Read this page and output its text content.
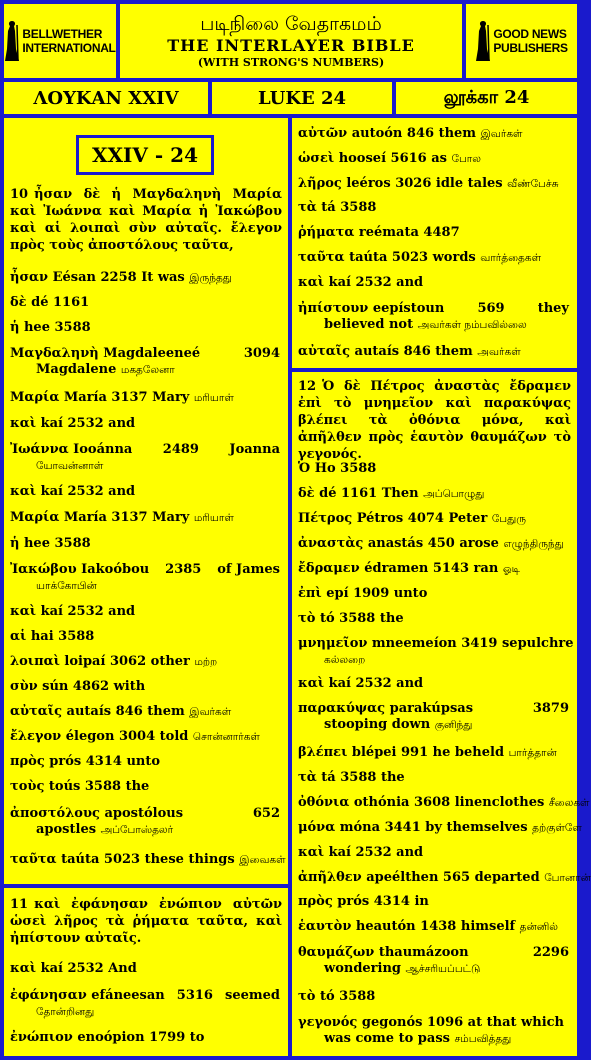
BELLWETHER
INTERNATIONAL
படிநிலை வேதாகமம்
THE INTERLAYER BIBLE
(WITH STRONG'S NUMBERS)
GOOD NEWS
PUBLISHERS
ΛΟΥΚΑΝ XXIV	LUKE 24	லூக்கா 24
XXIV - 24
10 ἦσαν δὲ ἡ Μαγδαληνὴ Μαρία καὶ Ἰωάννα καὶ Μαρία ἡ Ἰακώβου καὶ αἱ λοιπαὶ σὺν αὐταῖς. ἔλεγον πρὸς τοὺς ἀποστόλους ταῦτα,
ἦσαν Eésan 2258 It was இருந்தது
δὲ dé 1161
ἡ hee 3588
Μαγδαληνὴ Magdaleeneé	3094
Magdalene மகதலேனா
Μαρία María 3137 Mary மரியாள்
καὶ kaí 2532 and
Ἰωάννα Iooánna 2489 Joanna
யோவன்னாள்
καὶ kaí 2532 and
Μαρία María 3137 Mary மரியாள்
ἡ hee 3588
Ἰακώβου Iakoóbou 2385 of James
யாக்கோபின்
καὶ kaí 2532 and
αἱ hai 3588
λοιπαὶ loipaí 3062 other மற்ற
σὺν sún 4862 with
αὐταῖς autaís 846 them இவர்கள்
ἔλεγον élegon 3004 told சொன்னார்கள்
πρὸς prós 4314 unto
τοὺς toús 3588 the
ἀποστόλους apostólous	652
apostles அப்போஸ்தலர்
ταῦτα taúta 5023 these things இவைகள்
11 καὶ ἐφάνησαν ἐνώπιον αὐτῶν ὡσεὶ λῆρος τὰ ῥήματα ταῦτα, καὶ ἠπίστουν αὐταῖς.
καὶ kaí 2532 And
ἐφάνησαν efáneesan 5316 seemed
தோன்றினது
ἐνώπιον enoópion 1799 to
αὐτῶν autoón 846 them இவர்கள்
ὡσεὶ hooseí 5616 as போல
λῆρος leéros 3026 idle tales வீண்பேச்சு
τὰ tá 3588
ῥήματα reémata 4487
ταῦτα taúta 5023 words வார்த்தைகள்
καὶ kaí 2532 and
ἠπίστουν eepístoun	569	they
believed not அவர்கள் நம்பவில்லை
αὐταῖς autaís 846 them அவர்கள்
12 Ὁ δὲ Πέτρος ἀναστὰς ἔδραμεν ἐπὶ τὸ μνημεῖον καὶ παρακύψας βλέπει τὰ ὀθόνια μόνα, καὶ ἀπῆλθεν πρὸς ἑαυτὸν θαυμάζων τὸ γεγονός.
Ὁ Ho 3588
δὲ dé 1161 Then அப்பொழுது
Πέτρος Pétros 4074 Peter பேதுரு
ἀναστὰς anastás 450 arose எழுந்திருந்து
ἔδραμεν édramen 5143 ran ஓடி
ἐπὶ epí 1909 unto
τὸ tó 3588 the
μνημεῖον mneemeíon 3419 sepulchre
கல்லறை
καὶ kaí 2532 and
παρακύψας parakúpsas	3879
stooping down குனிந்து
βλέπει blépei 991 he beheld பார்த்தான்
τὰ tá 3588 the
ὀθόνια othónia 3608 linenclothes சீலைகள்
μόνα móna 3441 by themselves தற்குள்ளே
καὶ kaí 2532 and
ἀπῆλθεν apeélthen 565 departed போனான்
πρὸς prós 4314 in
ἑαυτὸν heautón 1438 himself தன்னில்
θαυμάζων thaumázoon	2296
wondering ஆச்சரியப்பட்டு
τὸ tó 3588
γεγονός gegonós 1096 at that which
was come to pass சம்பவித்தது
